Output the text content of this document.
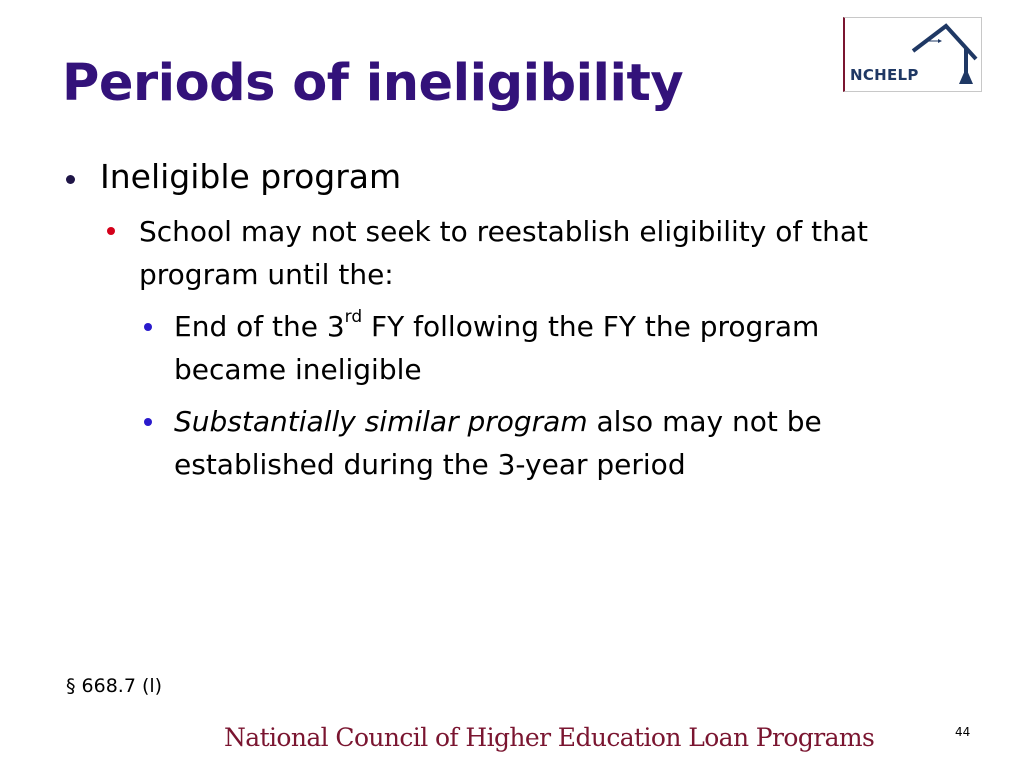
Periods of ineligibility	NCHELP
Ineligible program
School may not seek to reestablish eligibility of that program until the:
End of the 3rd FY following the FY the program became ineligible
Substantially similar program also may not be established during the 3-year period
§ 668.7 (l)
National Council of Higher Education Loan Programs	44
